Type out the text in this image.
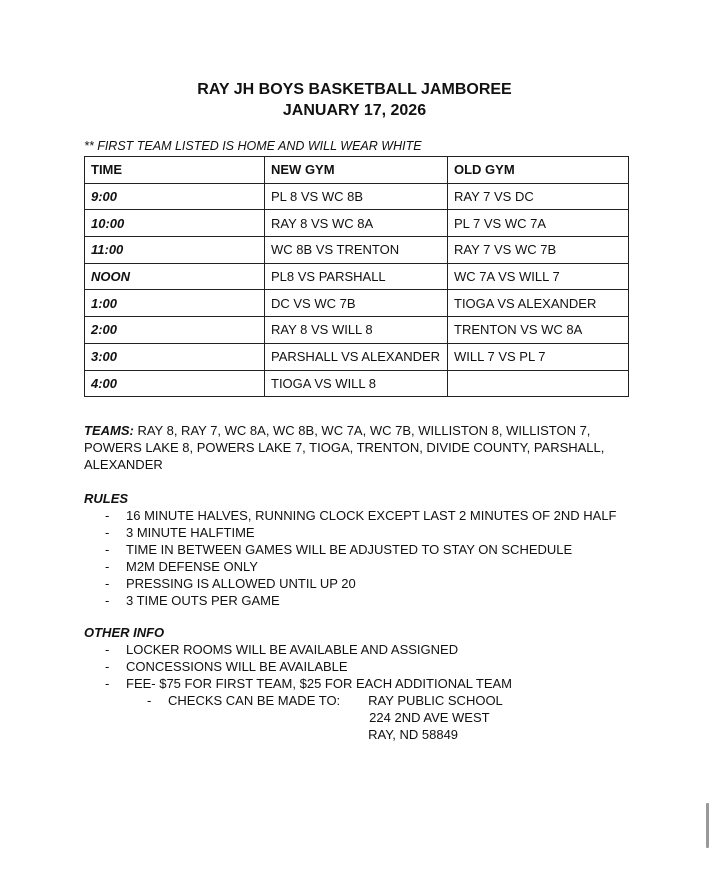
RAY JH BOYS BASKETBALL JAMBOREE
JANUARY 17, 2026
** FIRST TEAM LISTED IS HOME AND WILL WEAR WHITE
TIME	NEW GYM	OLD GYM
9:00	PL 8 VS WC 8B	RAY 7 VS DC
10:00	RAY 8 VS WC 8A	PL 7 VS WC 7A
11:00	WC 8B VS TRENTON	RAY 7 VS WC 7B
NOON	PL8 VS PARSHALL	WC 7A VS WILL 7
1:00	DC VS WC 7B	TIOGA VS ALEXANDER
2:00	RAY 8 VS WILL 8	TRENTON VS WC 8A
3:00	PARSHALL VS ALEXANDER	WILL 7 VS PL 7
4:00	TIOGA VS WILL 8	
TEAMS: RAY 8, RAY 7, WC 8A, WC 8B, WC 7A, WC 7B, WILLISTON 8, WILLISTON 7, POWERS LAKE 8, POWERS LAKE 7, TIOGA, TRENTON, DIVIDE COUNTY, PARSHALL, ALEXANDER
RULES
- 16 MINUTE HALVES, RUNNING CLOCK EXCEPT LAST 2 MINUTES OF 2ND HALF
- 3 MINUTE HALFTIME
- TIME IN BETWEEN GAMES WILL BE ADJUSTED TO STAY ON SCHEDULE
- M2M DEFENSE ONLY
- PRESSING IS ALLOWED UNTIL UP 20
- 3 TIME OUTS PER GAME
OTHER INFO
- LOCKER ROOMS WILL BE AVAILABLE AND ASSIGNED
- CONCESSIONS WILL BE AVAILABLE
- FEE- $75 FOR FIRST TEAM, $25 FOR EACH ADDITIONAL TEAM
- CHECKS CAN BE MADE TO: RAY PUBLIC SCHOOL
224 2ND AVE WEST
RAY, ND 58849
